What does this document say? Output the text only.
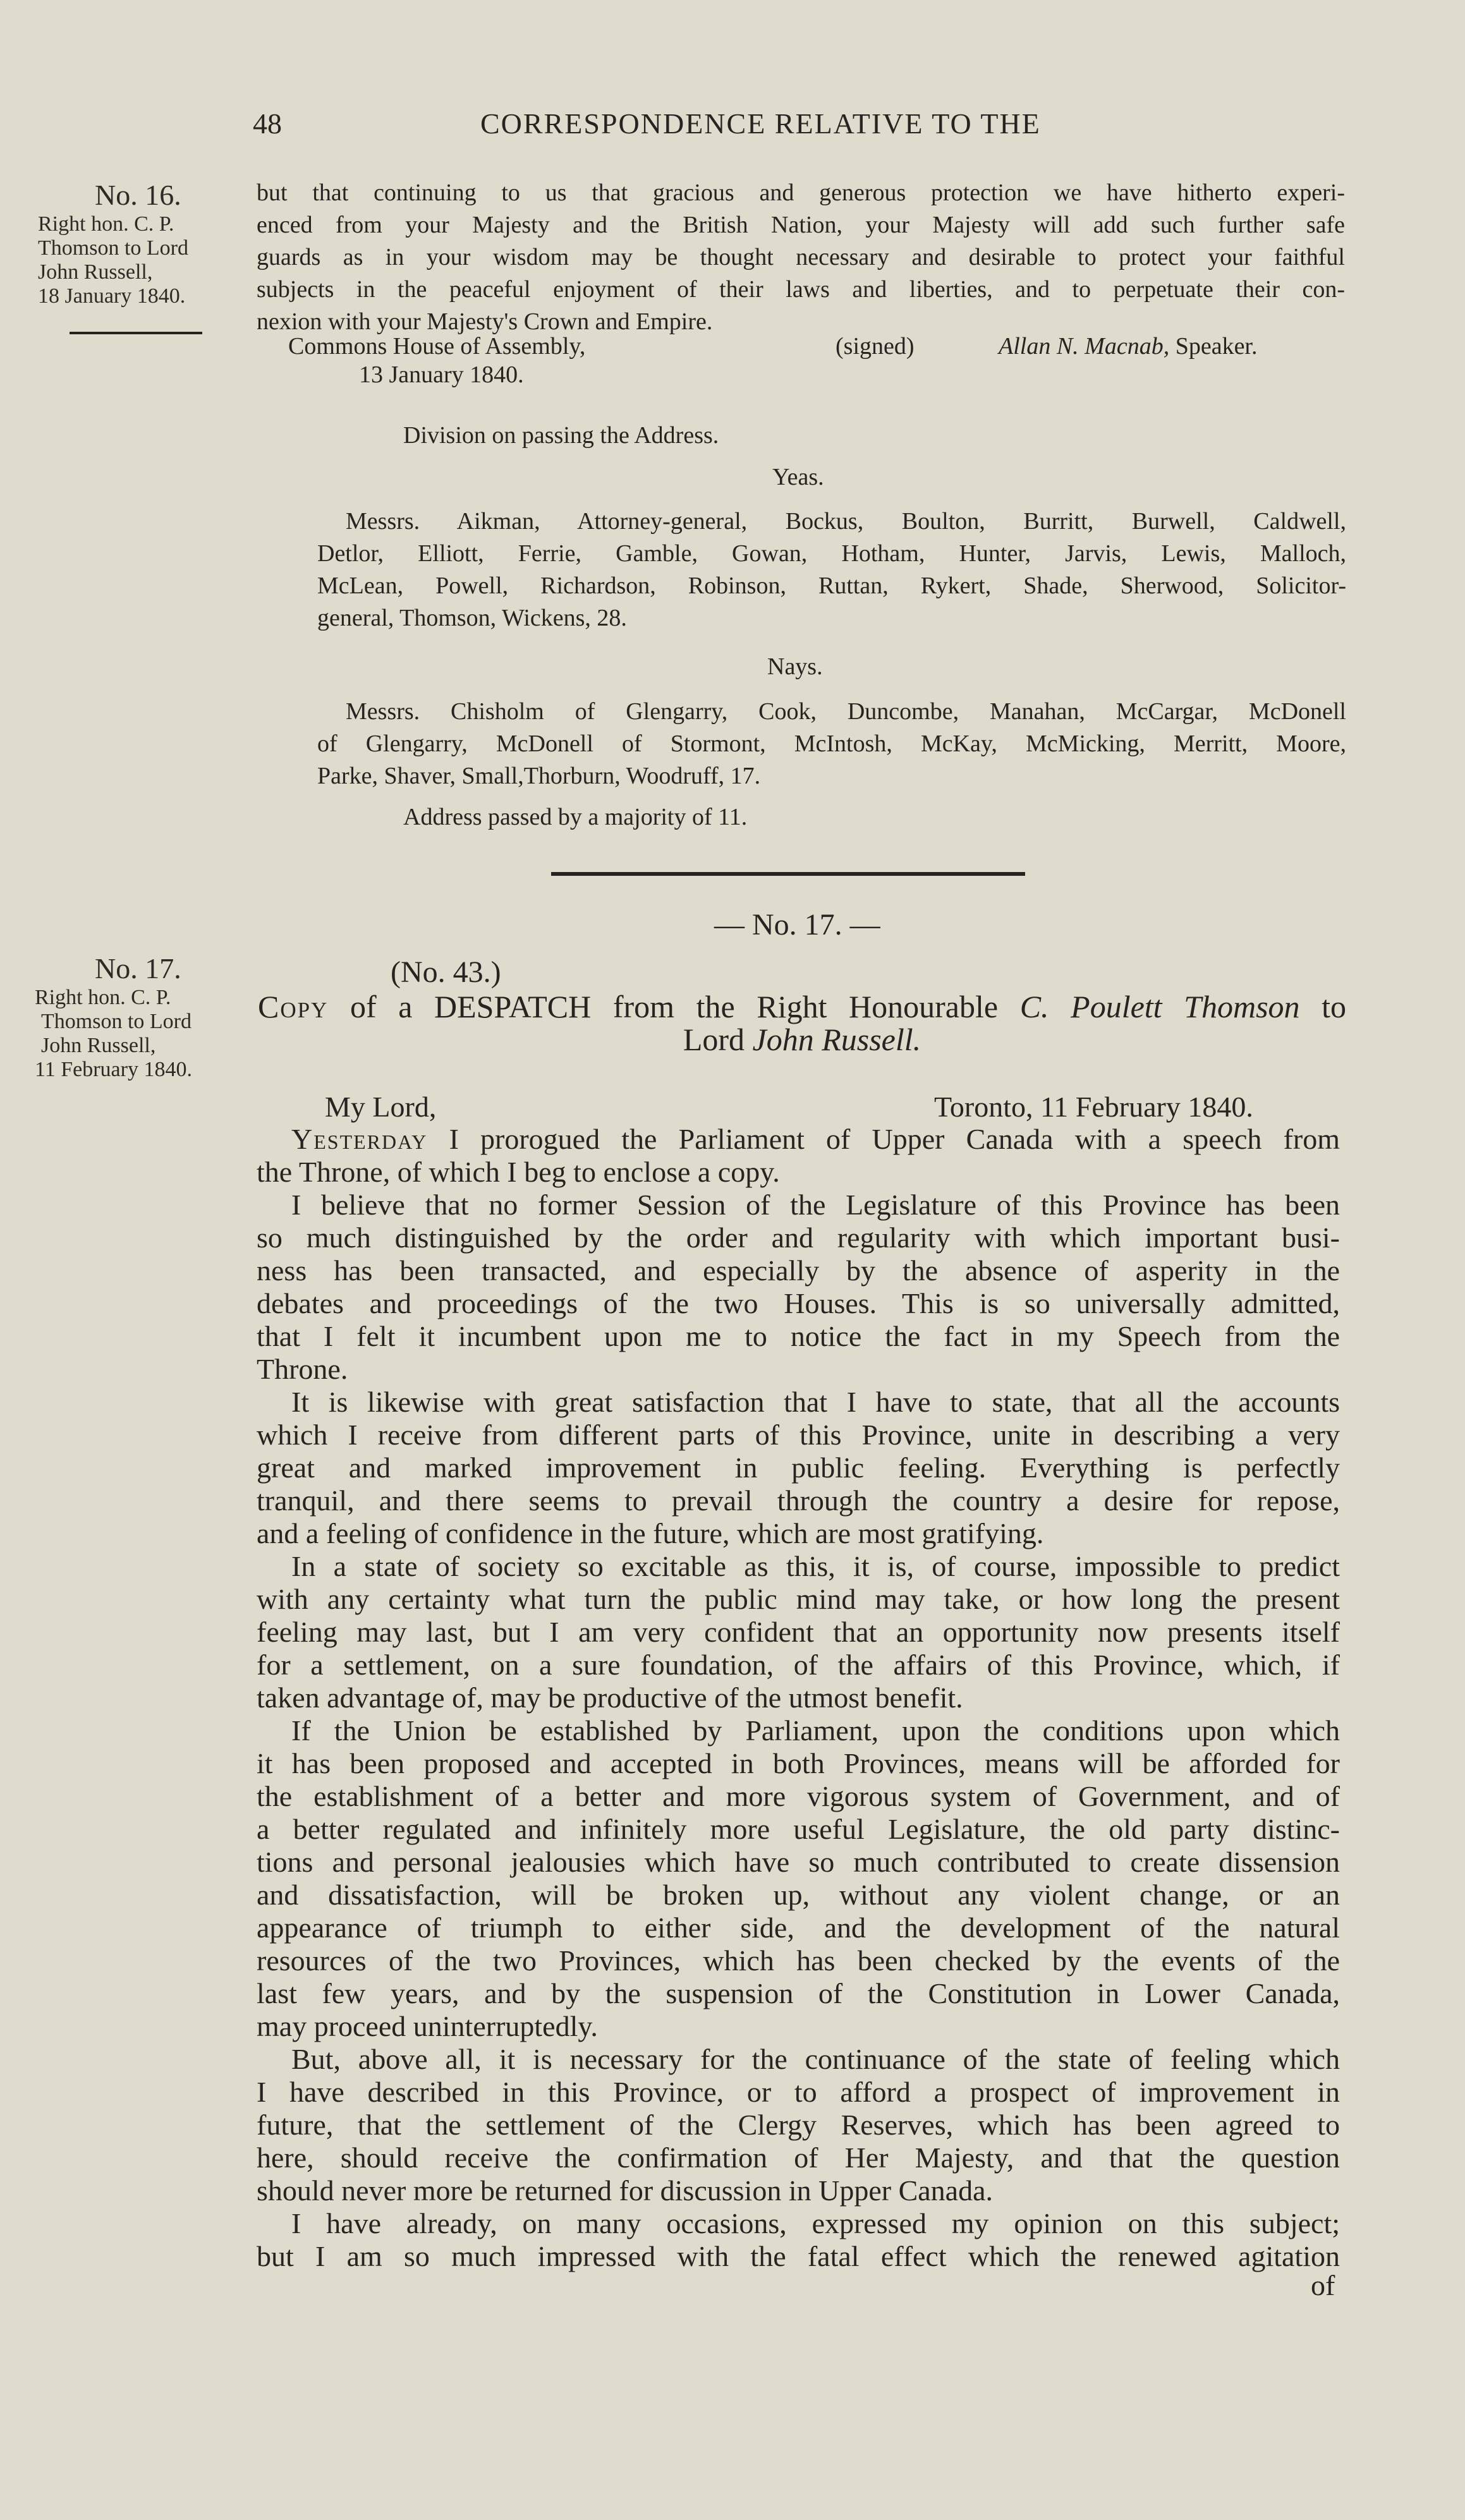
48	CORRESPONDENCE RELATIVE TO THE
No. 16.
Right hon. C. P.
Thomson to Lord
John Russell,
18 January 1840.
but that continuing to us that gracious and generous protection we have hitherto experi-
enced from your Majesty and the British Nation, your Majesty will add such further safe
guards as in your wisdom may be thought necessary and desirable to protect your faithful
subjects in the peaceful enjoyment of their laws and liberties, and to perpetuate their con-
nexion with your Majesty's Crown and Empire.
Commons House of Assembly,
13 January 1840.
(signed)	Allan N. Macnab, Speaker.
Division on passing the Address.
Yeas.
Messrs. Aikman, Attorney-general, Bockus, Boulton, Burritt, Burwell, Caldwell,
Detlor, Elliott, Ferrie, Gamble, Gowan, Hotham, Hunter, Jarvis, Lewis, Malloch,
McLean, Powell, Richardson, Robinson, Ruttan, Rykert, Shade, Sherwood, Solicitor-
general, Thomson, Wickens, 28.
Nays.
Messrs. Chisholm of Glengarry, Cook, Duncombe, Manahan, McCargar, McDonell
of Glengarry, McDonell of Stormont, McIntosh, McKay, McMicking, Merritt, Moore,
Parke, Shaver, Small,Thorburn, Woodruff, 17.
Address passed by a majority of 11.
— No. 17. —
No. 17.
Right hon. C. P.
Thomson to Lord
John Russell,
11 February 1840.
(No. 43.)
Copy of a DESPATCH from the Right Honourable C. Poulett Thomson to
Lord John Russell.
My Lord,	Toronto, 11 February 1840.
Yesterday I prorogued the Parliament of Upper Canada with a speech from
the Throne, of which I beg to enclose a copy.
I believe that no former Session of the Legislature of this Province has been
so much distinguished by the order and regularity with which important busi-
ness has been transacted, and especially by the absence of asperity in the
debates and proceedings of the two Houses. This is so universally admitted,
that I felt it incumbent upon me to notice the fact in my Speech from the
Throne.
It is likewise with great satisfaction that I have to state, that all the accounts
which I receive from different parts of this Province, unite in describing a very
great and marked improvement in public feeling. Everything is perfectly
tranquil, and there seems to prevail through the country a desire for repose,
and a feeling of confidence in the future, which are most gratifying.
In a state of society so excitable as this, it is, of course, impossible to predict
with any certainty what turn the public mind may take, or how long the present
feeling may last, but I am very confident that an opportunity now presents itself
for a settlement, on a sure foundation, of the affairs of this Province, which, if
taken advantage of, may be productive of the utmost benefit.
If the Union be established by Parliament, upon the conditions upon which
it has been proposed and accepted in both Provinces, means will be afforded for
the establishment of a better and more vigorous system of Government, and of
a better regulated and infinitely more useful Legislature, the old party distinc-
tions and personal jealousies which have so much contributed to create dissension
and dissatisfaction, will be broken up, without any violent change, or an
appearance of triumph to either side, and the development of the natural
resources of the two Provinces, which has been checked by the events of the
last few years, and by the suspension of the Constitution in Lower Canada,
may proceed uninterruptedly.
But, above all, it is necessary for the continuance of the state of feeling which
I have described in this Province, or to afford a prospect of improvement in
future, that the settlement of the Clergy Reserves, which has been agreed to
here, should receive the confirmation of Her Majesty, and that the question
should never more be returned for discussion in Upper Canada.
I have already, on many occasions, expressed my opinion on this subject;
but I am so much impressed with the fatal effect which the renewed agitation
of
